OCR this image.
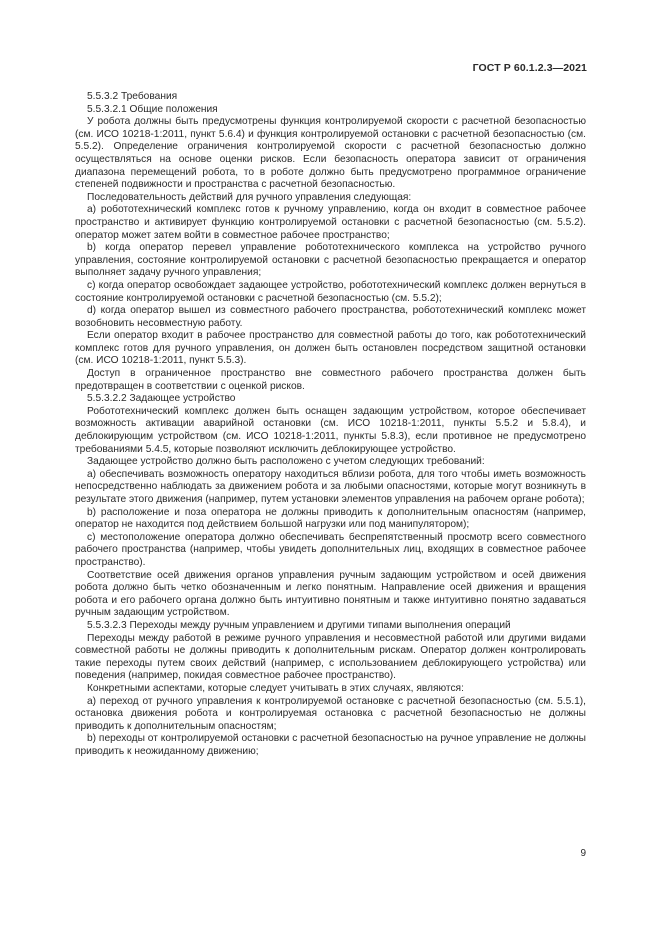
ГОСТ Р 60.1.2.3—2021

5.5.3.2 Требования

5.5.3.2.1 Общие положения

У робота должны быть предусмотрены функция контролируемой скорости с расчетной безопасностью (см. ИСО 10218-1:2011, пункт 5.6.4) и функция контролируемой остановки с расчетной безопасностью (см. 5.5.2). Определение ограничения контролируемой скорости с расчетной безопасностью должно осуществляться на основе оценки рисков. Если безопасность оператора зависит от ограничения диапазона перемещений робота, то в роботе должно быть предусмотрено программное ограничение степеней подвижности и пространства с расчетной безопасностью.

Последовательность действий для ручного управления следующая:

a) робототехнический комплекс готов к ручному управлению, когда он входит в совместное рабочее пространство и активирует функцию контролируемой остановки с расчетной безопасностью (см. 5.5.2). оператор может затем войти в совместное рабочее пространство;

b) когда оператор перевел управление робототехнического комплекса на устройство ручного управления, состояние контролируемой остановки с расчетной безопасностью прекращается и оператор выполняет задачу ручного управления;

c) когда оператор освобождает задающее устройство, робототехнический комплекс должен вернуться в состояние контролируемой остановки с расчетной безопасностью (см. 5.5.2);

d) когда оператор вышел из совместного рабочего пространства, робототехнический комплекс может возобновить несовместную работу.

Если оператор входит в рабочее пространство для совместной работы до того, как робототехнический комплекс готов для ручного управления, он должен быть остановлен посредством защитной остановки (см. ИСО 10218-1:2011, пункт 5.5.3).

Доступ в ограниченное пространство вне совместного рабочего пространства должен быть предотвращен в соответствии с оценкой рисков.

5.5.3.2.2 Задающее устройство

Робототехнический комплекс должен быть оснащен задающим устройством, которое обеспечивает возможность активации аварийной остановки (см. ИСО 10218-1:2011, пункты 5.5.2 и 5.8.4), и деблокирующим устройством (см. ИСО 10218-1:2011, пункты 5.8.3), если противное не предусмотрено требованиями 5.4.5, которые позволяют исключить деблокирующее устройство.

Задающее устройство должно быть расположено с учетом следующих требований:

a) обеспечивать возможность оператору находиться вблизи робота, для того чтобы иметь возможность непосредственно наблюдать за движением робота и за любыми опасностями, которые могут возникнуть в результате этого движения (например, путем установки элементов управления на рабочем органе робота);

b) расположение и поза оператора не должны приводить к дополнительным опасностям (например, оператор не находится под действием большой нагрузки или под манипулятором);

c) местоположение оператора должно обеспечивать беспрепятственный просмотр всего совместного рабочего пространства (например, чтобы увидеть дополнительных лиц, входящих в совместное рабочее пространство).

Соответствие осей движения органов управления ручным задающим устройством и осей движения робота должно быть четко обозначенным и легко понятным. Направление осей движения и вращения робота и его рабочего органа должно быть интуитивно понятным и также интуитивно понятно задаваться ручным задающим устройством.

5.5.3.2.3 Переходы между ручным управлением и другими типами выполнения операций

Переходы между работой в режиме ручного управления и несовместной работой или другими видами совместной работы не должны приводить к дополнительным рискам. Оператор должен контролировать такие переходы путем своих действий (например, с использованием деблокирующего устройства) или поведения (например, покидая совместное рабочее пространство).

Конкретными аспектами, которые следует учитывать в этих случаях, являются:

a) переход от ручного управления к контролируемой остановке с расчетной безопасностью (см. 5.5.1), остановка движения робота и контролируемая остановка с расчетной безопасностью не должны приводить к дополнительным опасностям;

b) переходы от контролируемой остановки с расчетной безопасностью на ручное управление не должны приводить к неожиданному движению;

9
